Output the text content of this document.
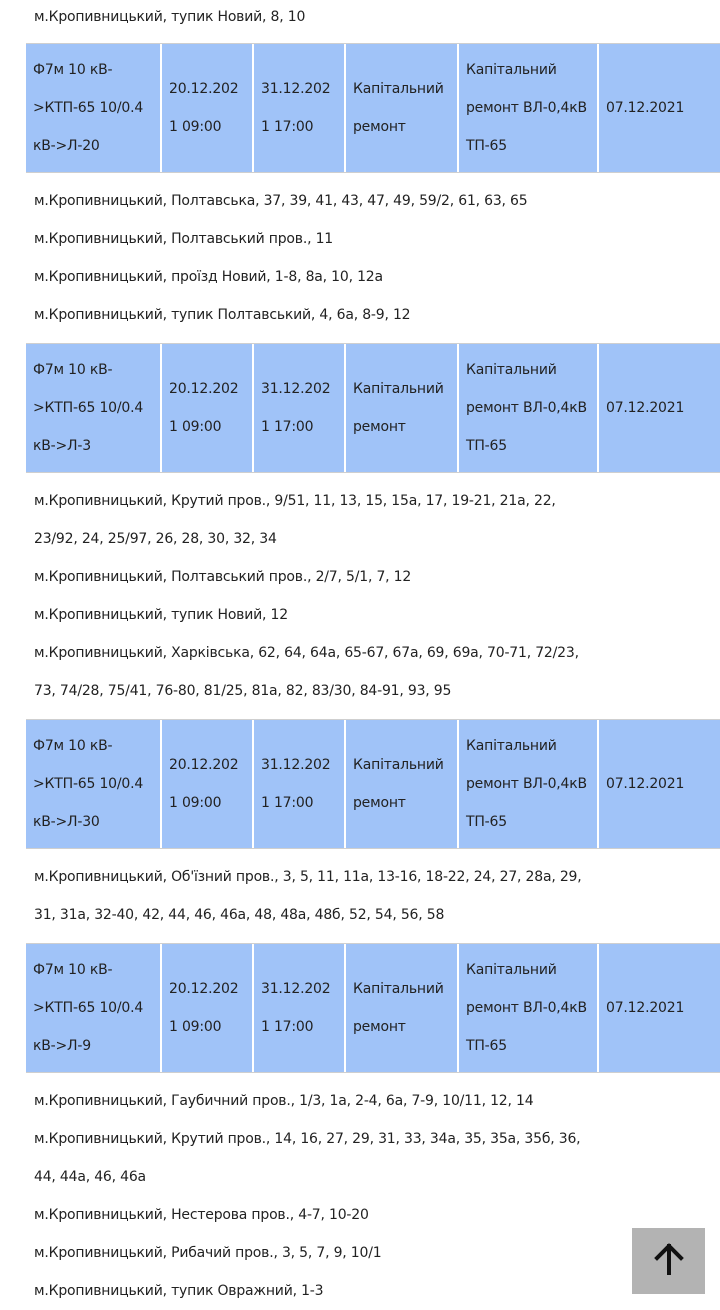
м.Кропивницький, тупик Новий, 8, 10
Ф7м 10 кВ->КТП-65 10/0.4 кВ->Л-20
20.12.2021 09:00
31.12.2021 17:00
Капітальний ремонт
Капітальний ремонт ВЛ-0,4кВ ТП-65
07.12.2021
м.Кропивницький, Полтавська, 37, 39, 41, 43, 47, 49, 59/2, 61, 63, 65
м.Кропивницький, Полтавський пров., 11
м.Кропивницький, проїзд Новий, 1-8, 8а, 10, 12а
м.Кропивницький, тупик Полтавський, 4, 6а, 8-9, 12
Ф7м 10 кВ->КТП-65 10/0.4 кВ->Л-3
20.12.2021 09:00
31.12.2021 17:00
Капітальний ремонт
Капітальний ремонт ВЛ-0,4кВ ТП-65
07.12.2021
м.Кропивницький, Крутий пров., 9/51, 11, 13, 15, 15а, 17, 19-21, 21а, 22, 23/92, 24, 25/97, 26, 28, 30, 32, 34
м.Кропивницький, Полтавський пров., 2/7, 5/1, 7, 12
м.Кропивницький, тупик Новий, 12
м.Кропивницький, Харківська, 62, 64, 64а, 65-67, 67а, 69, 69а, 70-71, 72/23, 73, 74/28, 75/41, 76-80, 81/25, 81а, 82, 83/30, 84-91, 93, 95
Ф7м 10 кВ->КТП-65 10/0.4 кВ->Л-30
20.12.2021 09:00
31.12.2021 17:00
Капітальний ремонт
Капітальний ремонт ВЛ-0,4кВ ТП-65
07.12.2021
м.Кропивницький, Об'їзний пров., 3, 5, 11, 11а, 13-16, 18-22, 24, 27, 28а, 29, 31, 31а, 32-40, 42, 44, 46, 46а, 48, 48а, 48б, 52, 54, 56, 58
Ф7м 10 кВ->КТП-65 10/0.4 кВ->Л-9
20.12.2021 09:00
31.12.2021 17:00
Капітальний ремонт
Капітальний ремонт ВЛ-0,4кВ ТП-65
07.12.2021
м.Кропивницький, Гаубичний пров., 1/3, 1а, 2-4, 6а, 7-9, 10/11, 12, 14
м.Кропивницький, Крутий пров., 14, 16, 27, 29, 31, 33, 34а, 35, 35а, 35б, 36, 44, 44а, 46, 46а
м.Кропивницький, Нестерова пров., 4-7, 10-20
м.Кропивницький, Рибачий пров., 3, 5, 7, 9, 10/1
м.Кропивницький, тупик Овражний, 1-3
